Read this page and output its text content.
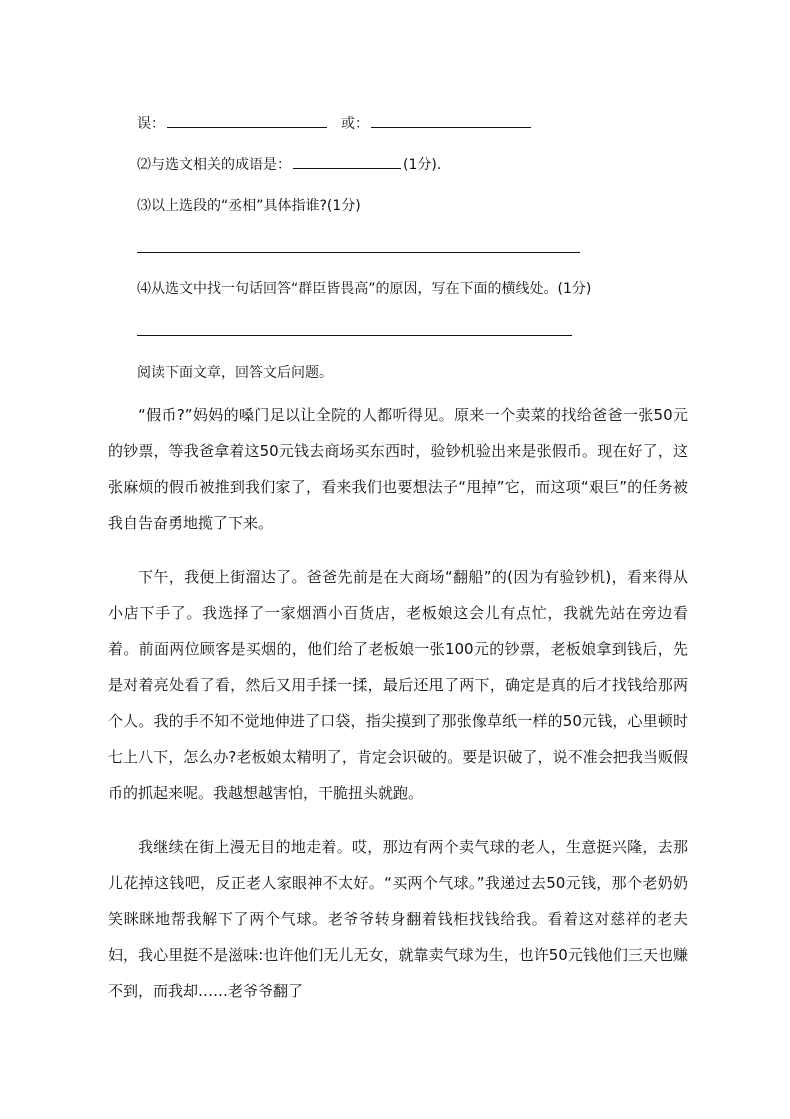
误：	或：
⑵与选文相关的成语是：	(1分).
⑶以上选段的“丞相”具体指谁?(1分)
⑷从选文中找一句话回答“群臣皆畏高”的原因，写在下面的横线处。(1分)
阅读下面文章，回答文后问题。

“假币?”妈妈的嗓门足以让全院的人都听得见。原来一个卖菜的找给爸爸一张50元的钞票，等我爸拿着这50元钱去商场买东西时，验钞机验出来是张假币。现在好了，这张麻烦的假币被推到我们家了，看来我们也要想法子“甩掉”它，而这项“艰巨”的任务被我自告奋勇地揽了下来。

下午，我便上街溜达了。爸爸先前是在大商场“翻船”的(因为有验钞机)，看来得从小店下手了。我选择了一家烟酒小百货店，老板娘这会儿有点忙，我就先站在旁边看着。前面两位顾客是买烟的，他们给了老板娘一张100元的钞票，老板娘拿到钱后，先是对着亮处看了看，然后又用手揉一揉，最后还甩了两下，确定是真的后才找钱给那两个人。我的手不知不觉地伸进了口袋，指尖摸到了那张像草纸一样的50元钱，心里顿时七上八下，怎么办?老板娘太精明了，肯定会识破的。要是识破了，说不准会把我当贩假币的抓起来呢。我越想越害怕，干脆扭头就跑。

我继续在街上漫无目的地走着。哎，那边有两个卖气球的老人，生意挺兴隆，去那儿花掉这钱吧，反正老人家眼神不太好。“买两个气球。”我递过去50元钱，那个老奶奶笑眯眯地帮我解下了两个气球。老爷爷转身翻着钱柜找钱给我。看着这对慈祥的老夫妇，我心里挺不是滋味:也许他们无儿无女，就靠卖气球为生，也许50元钱他们三天也赚不到，而我却……老爷爷翻了
